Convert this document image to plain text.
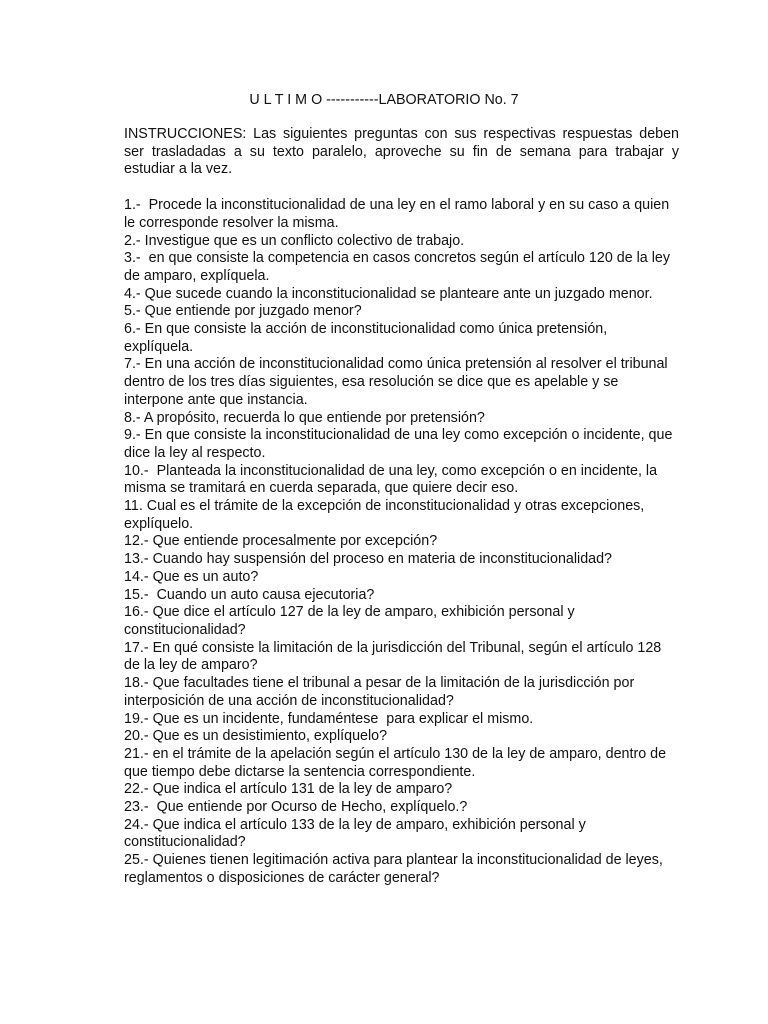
U L T I M O -----------LABORATORIO No. 7

INSTRUCCIONES: Las siguientes preguntas con sus respectivas respuestas deben ser trasladadas a su texto paralelo, aproveche su fin de semana para trabajar y estudiar a la vez.

1.-  Procede la inconstitucionalidad de una ley en el ramo laboral y en su caso a quien le corresponde resolver la misma.
2.- Investigue que es un conflicto colectivo de trabajo.
3.-  en que consiste la competencia en casos concretos según el artículo 120 de la ley de amparo, explíquela.
4.- Que sucede cuando la inconstitucionalidad se planteare ante un juzgado menor.
5.- Que entiende por juzgado menor?
6.- En que consiste la acción de inconstitucionalidad como única pretensión, explíquela.
7.- En una acción de inconstitucionalidad como única pretensión al resolver el tribunal dentro de los tres días siguientes, esa resolución se dice que es apelable y se interpone ante que instancia.
8.- A propósito, recuerda lo que entiende por pretensión?
9.- En que consiste la inconstitucionalidad de una ley como excepción o incidente, que dice la ley al respecto.
10.-  Planteada la inconstitucionalidad de una ley, como excepción o en incidente, la misma se tramitará en cuerda separada, que quiere decir eso.
11. Cual es el trámite de la excepción de inconstitucionalidad y otras excepciones, explíquelo.
12.- Que entiende procesalmente por excepción?
13.- Cuando hay suspensión del proceso en materia de inconstitucionalidad?
14.- Que es un auto?
15.-  Cuando un auto causa ejecutoria?
16.- Que dice el artículo 127 de la ley de amparo, exhibición personal y constitucionalidad?
17.- En qué consiste la limitación de la jurisdicción del Tribunal, según el artículo 128 de la ley de amparo?
18.- Que facultades tiene el tribunal a pesar de la limitación de la jurisdicción por interposición de una acción de inconstitucionalidad?
19.- Que es un incidente, fundaméntese  para explicar el mismo.
20.- Que es un desistimiento, explíquelo?
21.- en el trámite de la apelación según el artículo 130 de la ley de amparo, dentro de que tiempo debe dictarse la sentencia correspondiente.
22.- Que indica el artículo 131 de la ley de amparo?
23.-  Que entiende por Ocurso de Hecho, explíquelo.?
24.- Que indica el artículo 133 de la ley de amparo, exhibición personal y constitucionalidad?
25.- Quienes tienen legitimación activa para plantear la inconstitucionalidad de leyes, reglamentos o disposiciones de carácter general?
